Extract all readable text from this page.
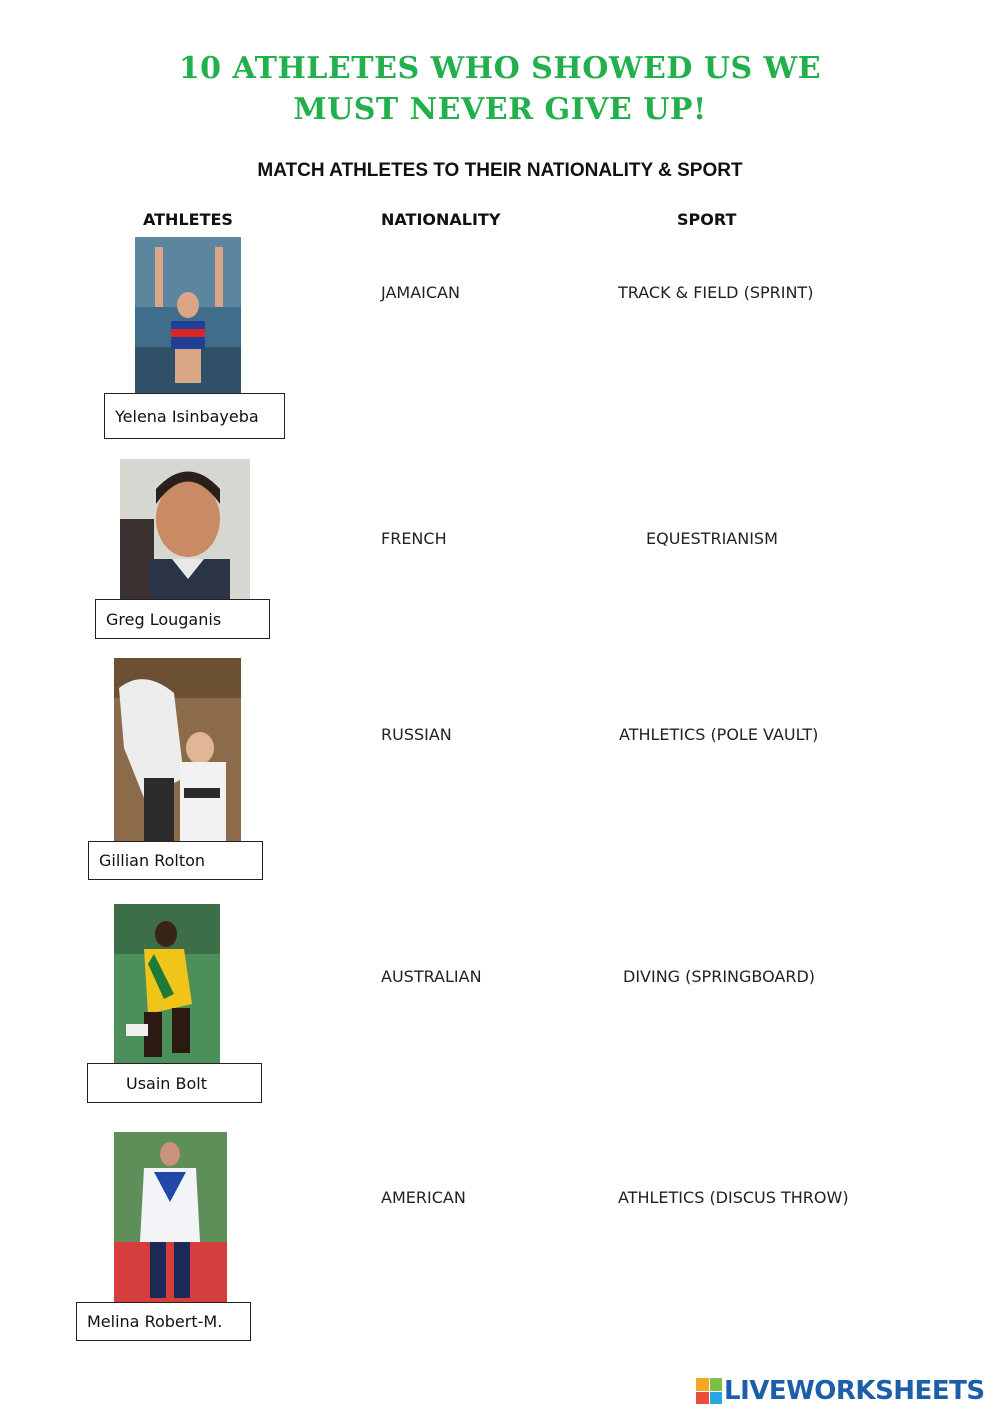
10 ATHLETES WHO SHOWED US WE
MUST NEVER GIVE UP!
MATCH ATHLETES TO THEIR NATIONALITY & SPORT
ATHLETES	NATIONALITY	SPORT
Yelena Isinbayeba
Greg Louganis
Gillian Rolton
Usain Bolt
Melina Robert-M.
JAMAICAN
FRENCH
RUSSIAN
AUSTRALIAN
AMERICAN
TRACK & FIELD (SPRINT)
EQUESTRIANISM
ATHLETICS (POLE VAULT)
DIVING (SPRINGBOARD)
ATHLETICS (DISCUS THROW)
LIVEWORKSHEETS
